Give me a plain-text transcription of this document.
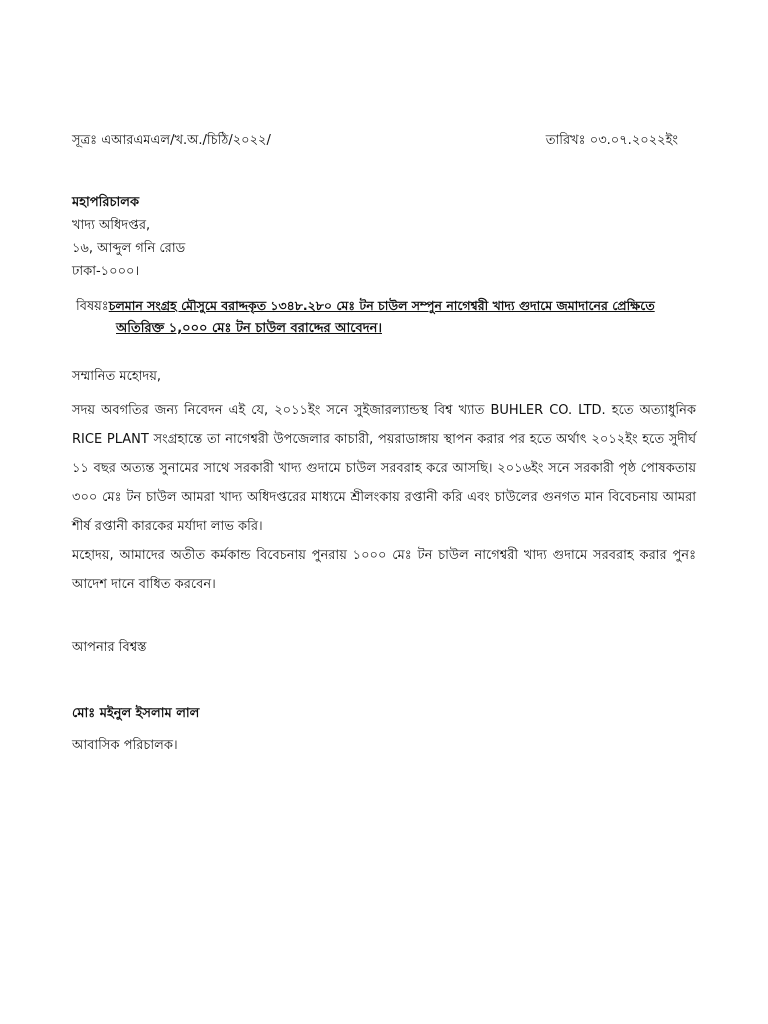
সূত্রঃ এআরএমএল/খ.অ./চিঠি/২০২২/	তারিখঃ ০৩.০৭.২০২২ইং
মহাপরিচালক
খাদ্য অধিদপ্তর,
১৬, আব্দুল গনি রোড
ঢাকা-১০০০।
বিষয়ঃচলমান সংগ্রহ মৌসুমে বরাদ্দকৃত ১৩৪৮.২৮০ মেঃ টন চাউল সম্পুন নাগেশ্বরী খাদ্য গুদামে জমাদানের প্রেক্ষিতে
অতিরিক্ত ১,০০০ মেঃ টন চাউল বরাদ্দের আবেদন।
সম্মানিত মহোদয়,

সদয় অবগতির জন্য নিবেদন এই যে, ২০১১ইং সনে সুইজারল্যান্ডস্থ বিশ্ব খ্যাত BUHLER CO. LTD. হতে অত্যাধুনিক RICE PLANT সংগ্রহান্তে তা নাগেশ্বরী উপজেলার কাচারী, পয়রাডাঙ্গায় স্থাপন করার পর হতে অর্থাৎ ২০১২ইং হতে সুদীর্ঘ ১১ বছর অত্যন্ত সুনামের সাথে সরকারী খাদ্য গুদামে চাউল সরবরাহ করে আসছি। ২০১৬ইং সনে সরকারী পৃষ্ঠ পোষকতায় ৩০০ মেঃ টন চাউল আমরা খাদ্য অধিদপ্তরের মাধ্যমে শ্রীলংকায় রপ্তানী করি এবং চাউলের গুনগত মান বিবেচনায় আমরা শীর্ষ রপ্তানী কারকের মর্যাদা লাভ করি।

মহোদয়, আমাদের অতীত কর্মকান্ড বিবেচনায় পুনরায় ১০০০ মেঃ টন চাউল নাগেশ্বরী খাদ্য গুদামে সরবরাহ করার পুনঃ আদেশ দানে বাধিত করবেন।

আপনার বিশ্বস্ত
মোঃ মইনুল ইসলাম লাল
আবাসিক পরিচালক।
